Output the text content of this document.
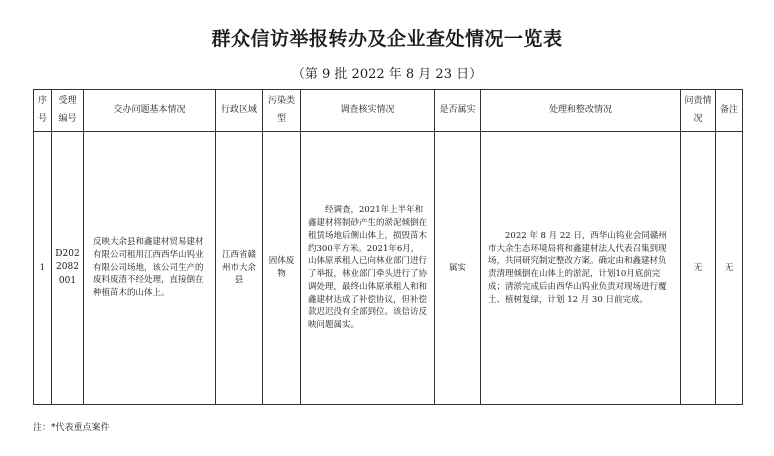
群众信访举报转办及企业查处情况一览表
（第 9 批 2022 年 8 月 23 日）
序号	受理编号	交办问题基本情况	行政区域	污染类型	调查核实情况	是否属实	处理和整改情况	问责情况	备注
1	D2022082001	反映大余县和鑫建材贸易建材有限公司租用江西西华山钨业有限公司场地，该公司生产的废料废渣不经处理，直接倒在种植苗木的山体上。	江西省赣州市大余县	固体废物	经调查，2021年上半年和鑫建材将制砂产生的淤泥倾倒在租赁场地后侧山体上，损毁苗木约300平方米。2021年6月，山体原承租人已向林业部门进行了举报，林业部门牵头进行了协调处理，最终山体原承租人和和鑫建材达成了补偿协议，但补偿款迟迟没有全部到位。该信访反映问题属实。	属实	2022 年 8 月 22 日，西华山钨业会同赣州市大余生态环境局将和鑫建材法人代表召集到现场，共同研究制定整改方案。确定由和鑫建材负责清理倾倒在山体上的淤泥，计划10月底前完成；清淤完成后由西华山钨业负责对现场进行覆土、植树复绿，计划 12 月 30 日前完成。	无	无
注：*代表重点案件
